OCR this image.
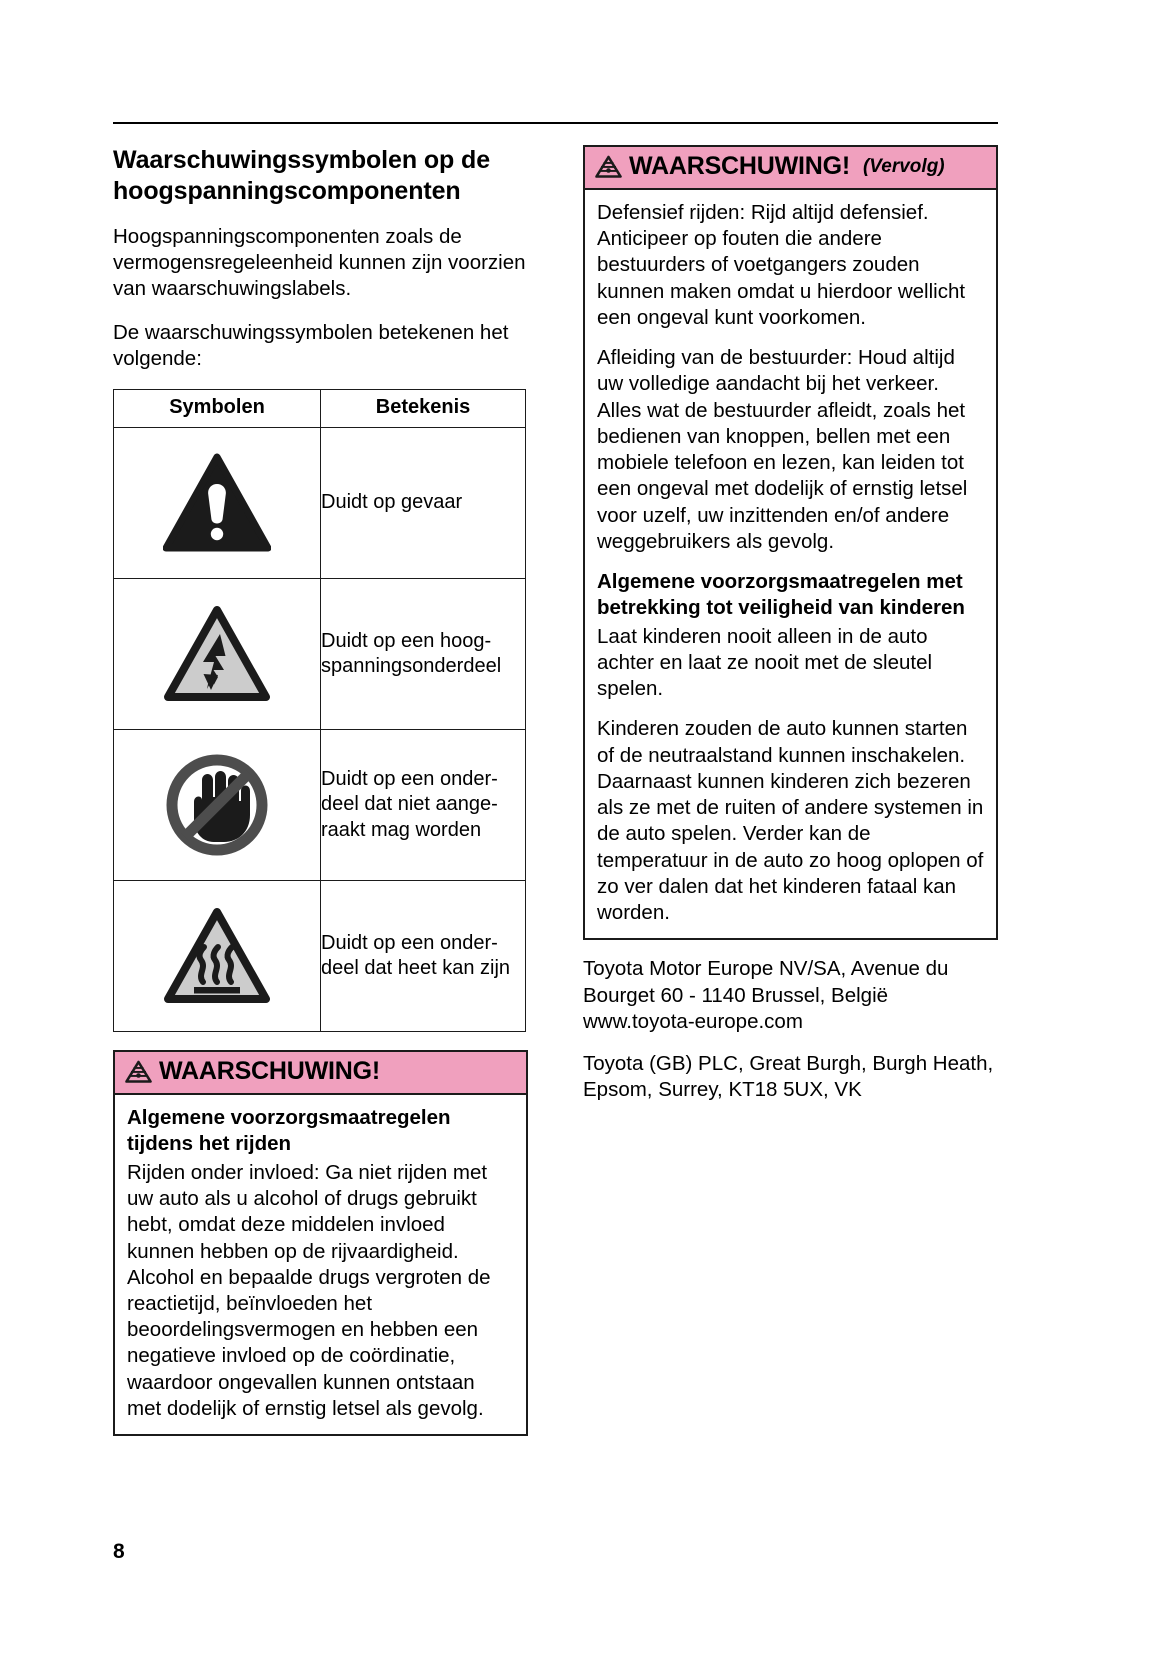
Waarschuwingssymbolen op de hoogspanningscomponenten

Hoogspanningscomponenten zoals de vermogensregeleenheid kunnen zijn voorzien van waarschuwingslabels.

De waarschuwingssymbolen betekenen het volgende:

Symbolen	Betekenis
	Duidt op gevaar
	Duidt op een hoogspanningsonderdeel
	Duidt op een onderdeel dat niet aangeraakt mag worden
	Duidt op een onderdeel dat heet kan zijn
WAARSCHUWING!
Algemene voorzorgsmaatregelen tijdens het rijden

Rijden onder invloed: Ga niet rijden met uw auto als u alcohol of drugs gebruikt hebt, omdat deze middelen invloed kunnen hebben op de rijvaardigheid. Alcohol en bepaalde drugs vergroten de reactietijd, beïnvloeden het beoordelingsvermogen en hebben een negatieve invloed op de coördinatie, waardoor ongevallen kunnen ontstaan met dodelijk of ernstig letsel als gevolg.

WAARSCHUWING! (Vervolg)

Defensief rijden: Rijd altijd defensief. Anticipeer op fouten die andere bestuurders of voetgangers zouden kunnen maken omdat u hierdoor wellicht een ongeval kunt voorkomen.

Afleiding van de bestuurder: Houd altijd uw volledige aandacht bij het verkeer. Alles wat de bestuurder afleidt, zoals het bedienen van knoppen, bellen met een mobiele telefoon en lezen, kan leiden tot een ongeval met dodelijk of ernstig letsel voor uzelf, uw inzittenden en/of andere weggebruikers als gevolg.

Algemene voorzorgsmaatregelen met betrekking tot veiligheid van kinderen

Laat kinderen nooit alleen in de auto achter en laat ze nooit met de sleutel spelen.

Kinderen zouden de auto kunnen starten of de neutraalstand kunnen inschakelen. Daarnaast kunnen kinderen zich bezeren als ze met de ruiten of andere systemen in de auto spelen. Verder kan de temperatuur in de auto zo hoog oplopen of zo ver dalen dat het kinderen fataal kan worden.

Toyota Motor Europe NV/SA, Avenue du Bourget 60 - 1140 Brussel, België www.toyota-europe.com

Toyota (GB) PLC, Great Burgh, Burgh Heath, Epsom, Surrey, KT18 5UX, VK

8
